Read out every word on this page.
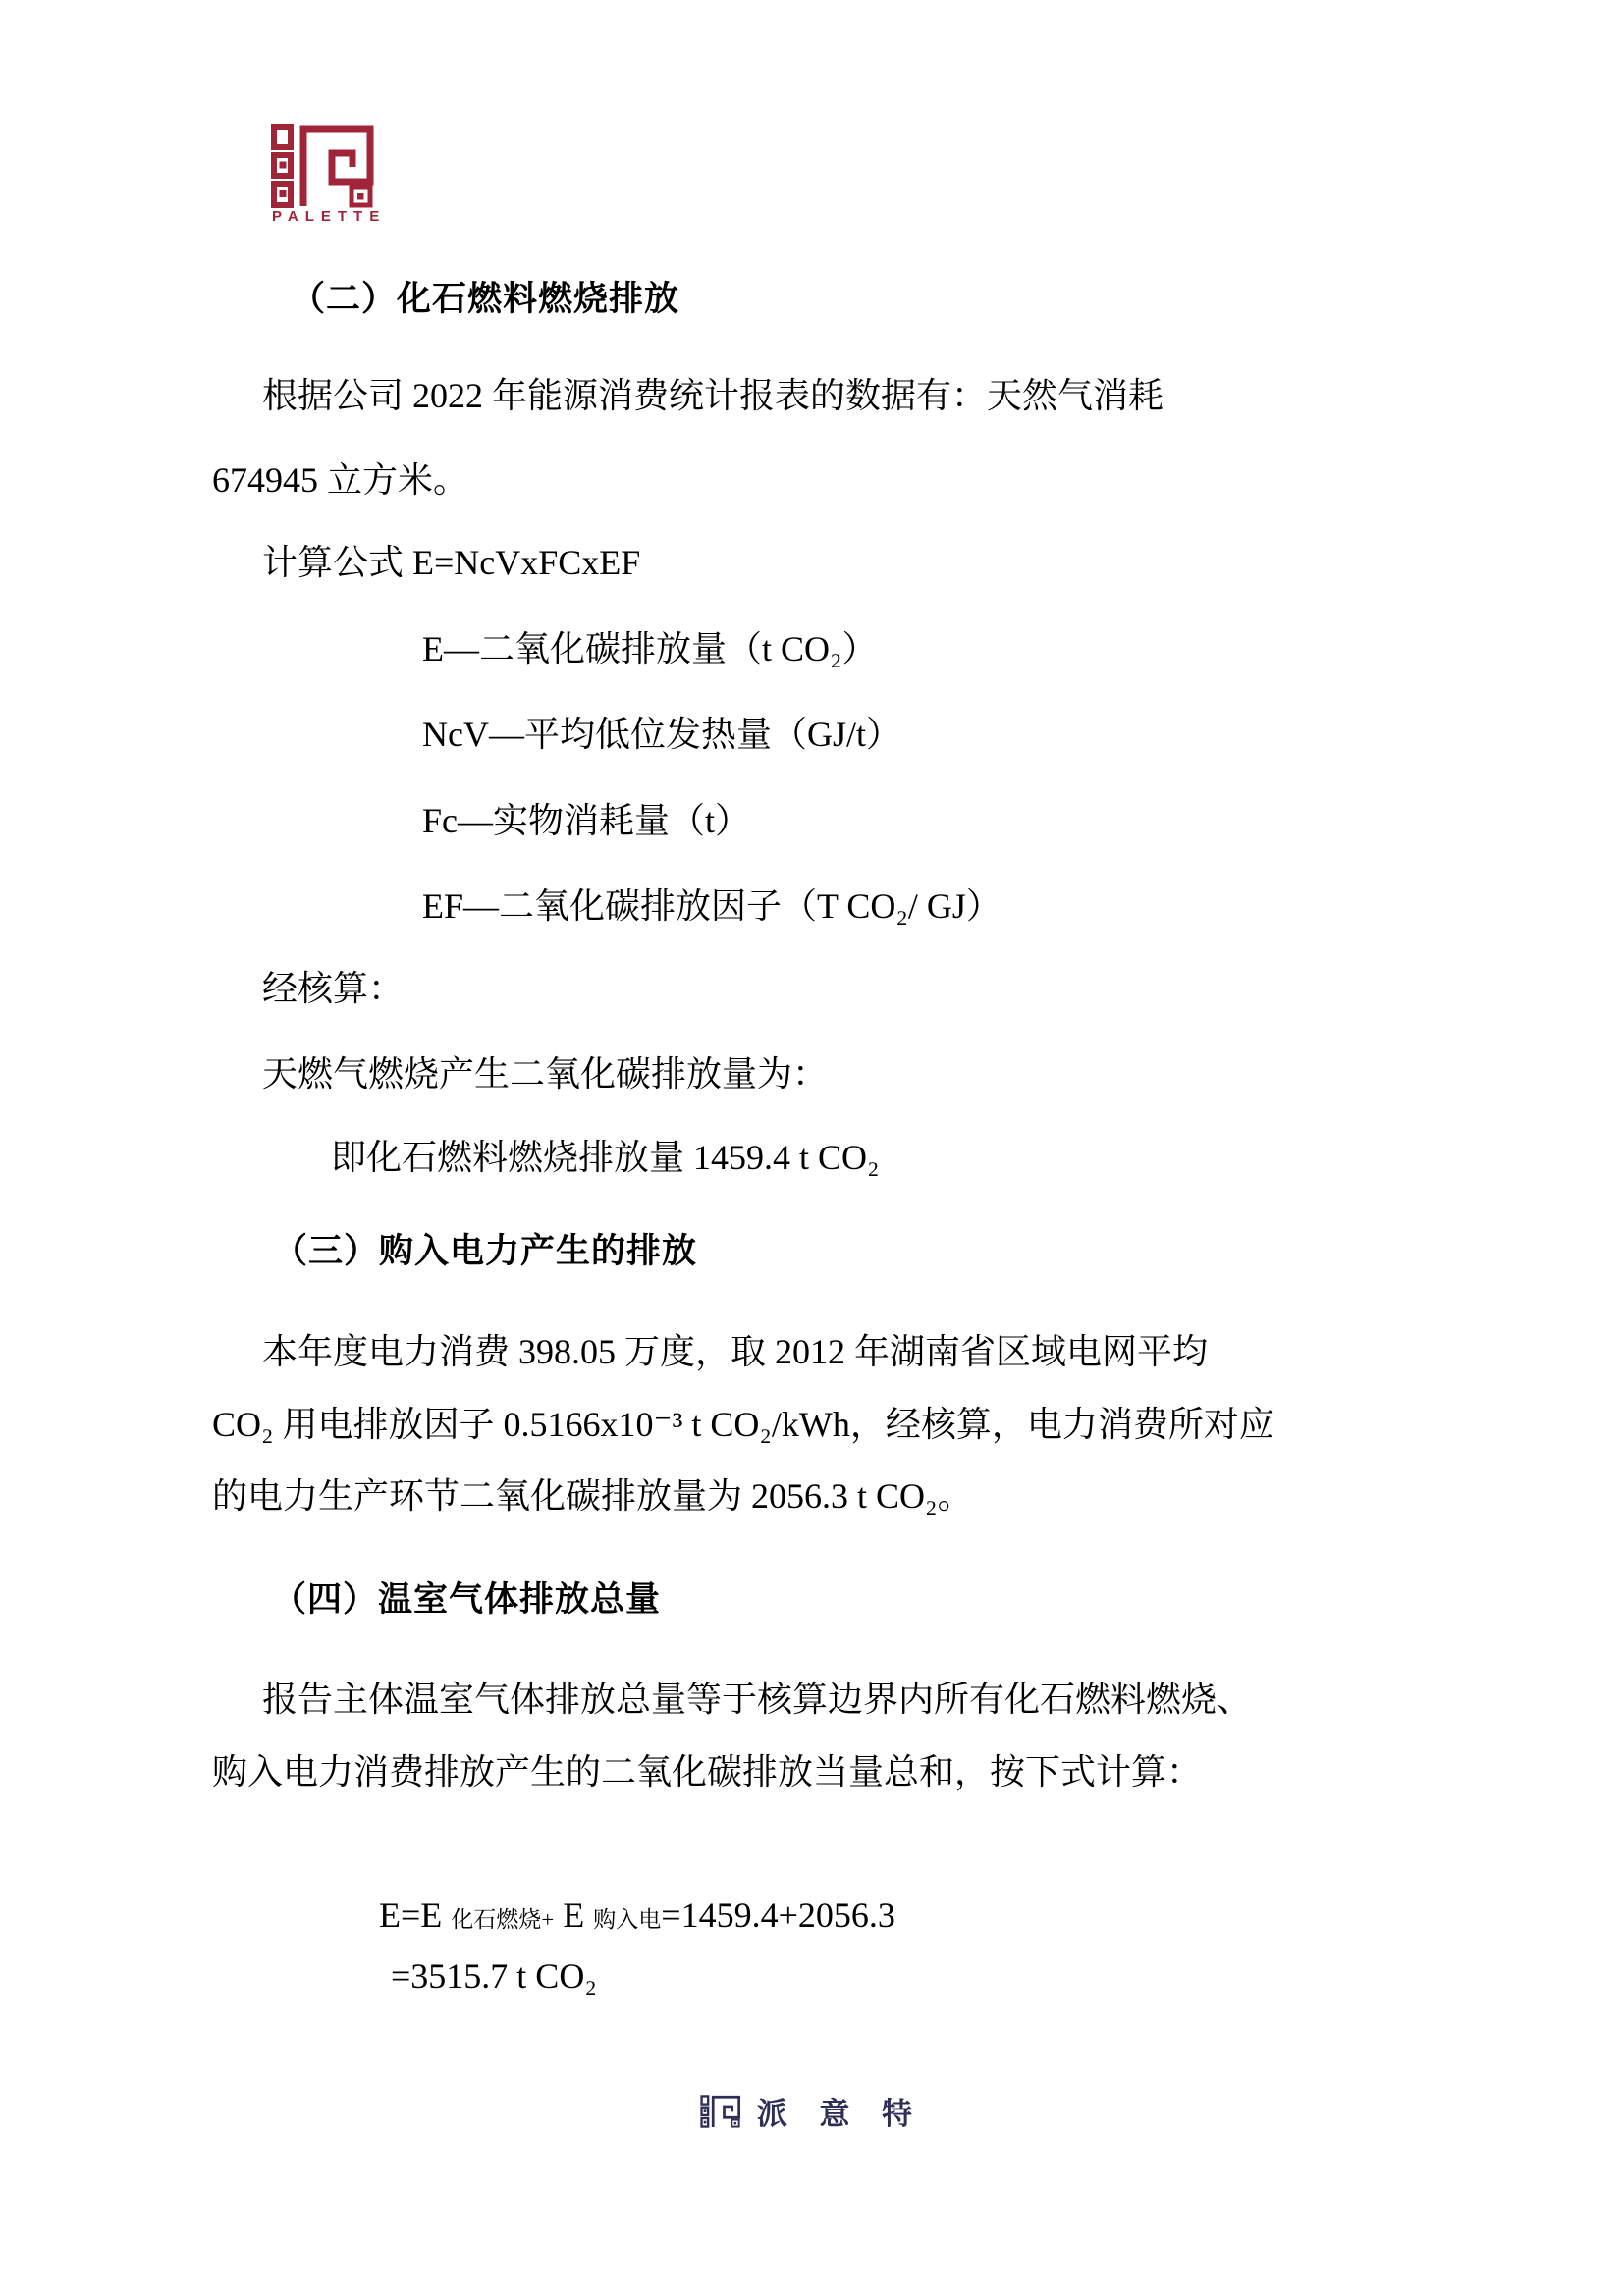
PALETTE
（二）化石燃料燃烧排放
根据公司 2022 年能源消费统计报表的数据有：天然气消耗
674945 立方米。
计算公式 E=NcVxFCxEF
E—二氧化碳排放量（t CO₂）
NcV—平均低位发热量（GJ/t）
Fc—实物消耗量（t）
EF—二氧化碳排放因子（T CO₂/ GJ）
经核算：
天燃气燃烧产生二氧化碳排放量为：
即化石燃料燃烧排放量 1459.4 t CO₂
（三）购入电力产生的排放
本年度电力消费 398.05 万度，取 2012 年湖南省区域电网平均
CO₂ 用电排放因子 0.5166x10⁻³ t CO₂/kWh，经核算，电力消费所对应
的电力生产环节二氧化碳排放量为 2056.3 t CO₂。
（四）温室气体排放总量
报告主体温室气体排放总量等于核算边界内所有化石燃料燃烧、
购入电力消费排放产生的二氧化碳排放当量总和，按下式计算：

E=E 化石燃烧+ E 购入电=1459.4+2056.3

=3515.7 t CO₂
派 意 特
